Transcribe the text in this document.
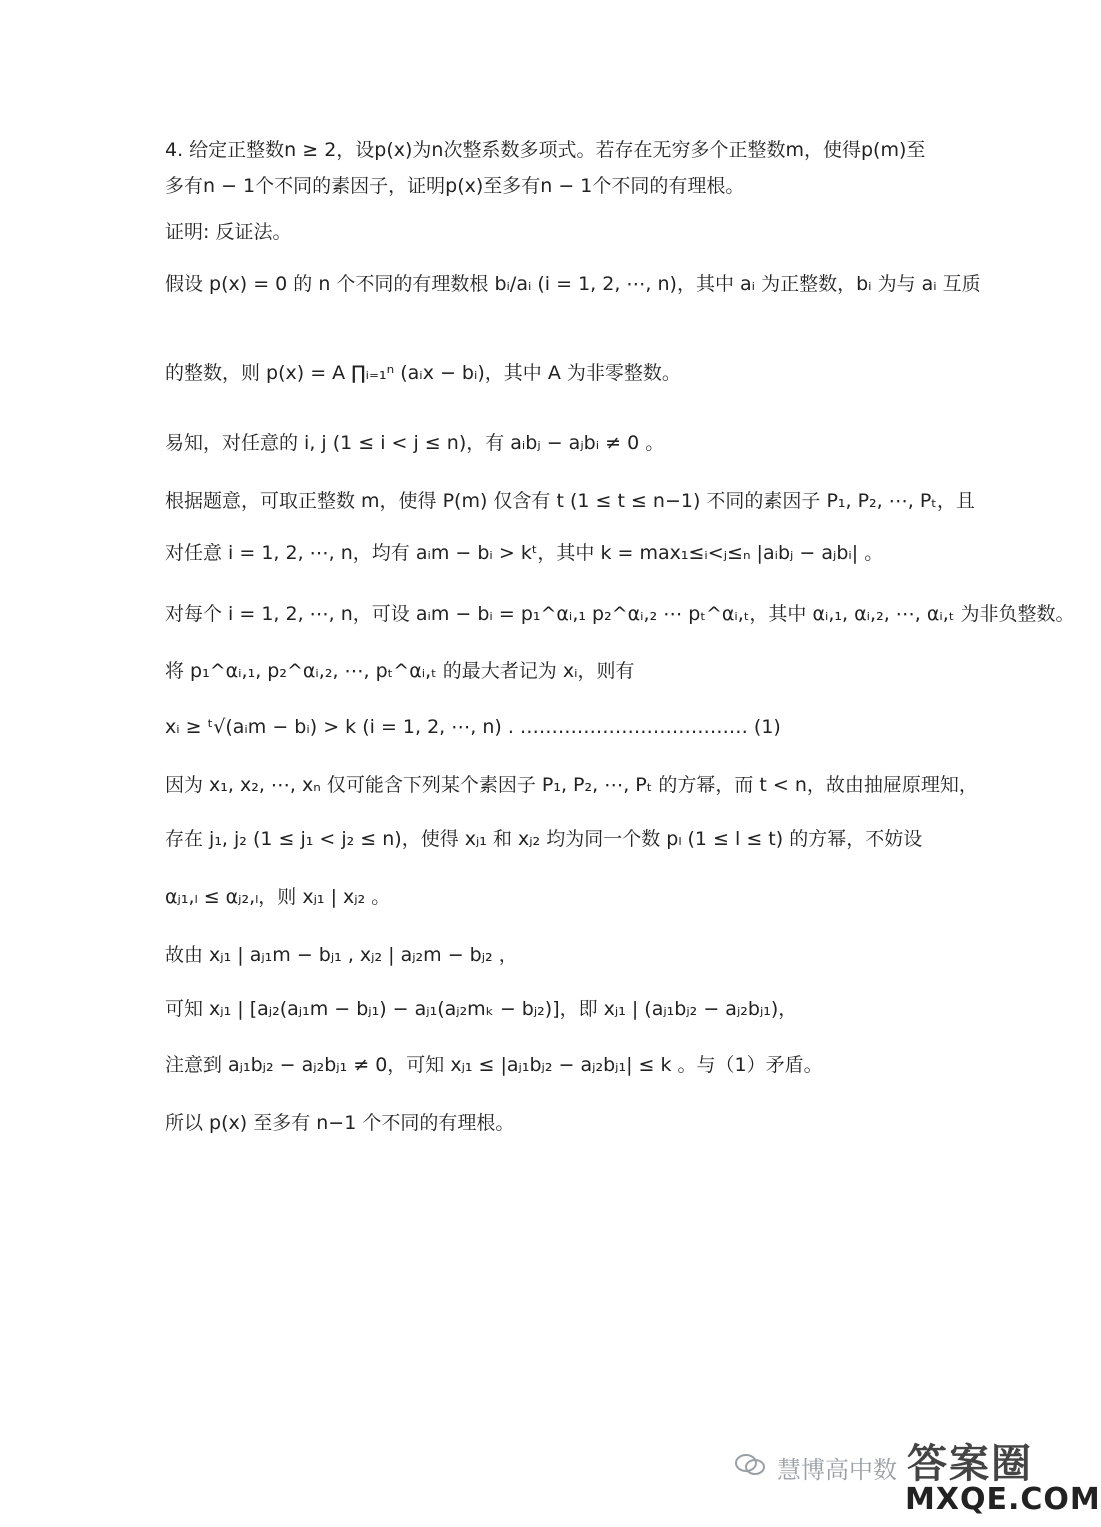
4. 给定正整数n ≥ 2，设p(x)为n次整系数多项式。若存在无穷多个正整数m，使得p(m)至
多有n − 1个不同的素因子，证明p(x)至多有n − 1个不同的有理根。
证明: 反证法。
假设 p(x) = 0 的 n 个不同的有理数根 bᵢ/aᵢ (i = 1, 2, ⋯, n)，其中 aᵢ 为正整数，bᵢ 为与 aᵢ 互质
的整数，则 p(x) = A ∏ᵢ₌₁ⁿ (aᵢx − bᵢ)，其中 A 为非零整数。
易知，对任意的 i, j (1 ≤ i < j ≤ n)，有 aᵢbⱼ − aⱼbᵢ ≠ 0 。
根据题意，可取正整数 m，使得 P(m) 仅含有 t (1 ≤ t ≤ n−1) 不同的素因子 P₁, P₂, ⋯, Pₜ，且
对任意 i = 1, 2, ⋯, n，均有 aᵢm − bᵢ > kᵗ，其中 k = max₁≤ᵢ<ⱼ≤ₙ |aᵢbⱼ − aⱼbᵢ| 。
对每个 i = 1, 2, ⋯, n，可设 aᵢm − bᵢ = p₁^αᵢ,₁ p₂^αᵢ,₂ ⋯ pₜ^αᵢ,ₜ，其中 αᵢ,₁, αᵢ,₂, ⋯, αᵢ,ₜ 为非负整数。
将 p₁^αᵢ,₁, p₂^αᵢ,₂, ⋯, pₜ^αᵢ,ₜ 的最大者记为 xᵢ，则有
xᵢ ≥ ᵗ√(aᵢm − bᵢ) > k (i = 1, 2, ⋯, n) . ……………………………… (1)
因为 x₁, x₂, ⋯, xₙ 仅可能含下列某个素因子 P₁, P₂, ⋯, Pₜ 的方幂，而 t < n，故由抽屉原理知，
存在 j₁, j₂ (1 ≤ j₁ < j₂ ≤ n)，使得 xⱼ₁ 和 xⱼ₂ 均为同一个数 pₗ (1 ≤ l ≤ t) 的方幂，不妨设
αⱼ₁,ₗ ≤ αⱼ₂,ₗ，则 xⱼ₁ | xⱼ₂ 。
故由 xⱼ₁ | aⱼ₁m − bⱼ₁ , xⱼ₂ | aⱼ₂m − bⱼ₂ ，
可知 xⱼ₁ | [aⱼ₂(aⱼ₁m − bⱼ₁) − aⱼ₁(aⱼ₂mₖ − bⱼ₂)]，即 xⱼ₁ | (aⱼ₁bⱼ₂ − aⱼ₂bⱼ₁)，
注意到 aⱼ₁bⱼ₂ − aⱼ₂bⱼ₁ ≠ 0，可知 xⱼ₁ ≤ |aⱼ₁bⱼ₂ − aⱼ₂bⱼ₁| ≤ k 。与（1）矛盾。
所以 p(x) 至多有 n−1 个不同的有理根。
慧博高中数 答案圈
MXQE.COM
